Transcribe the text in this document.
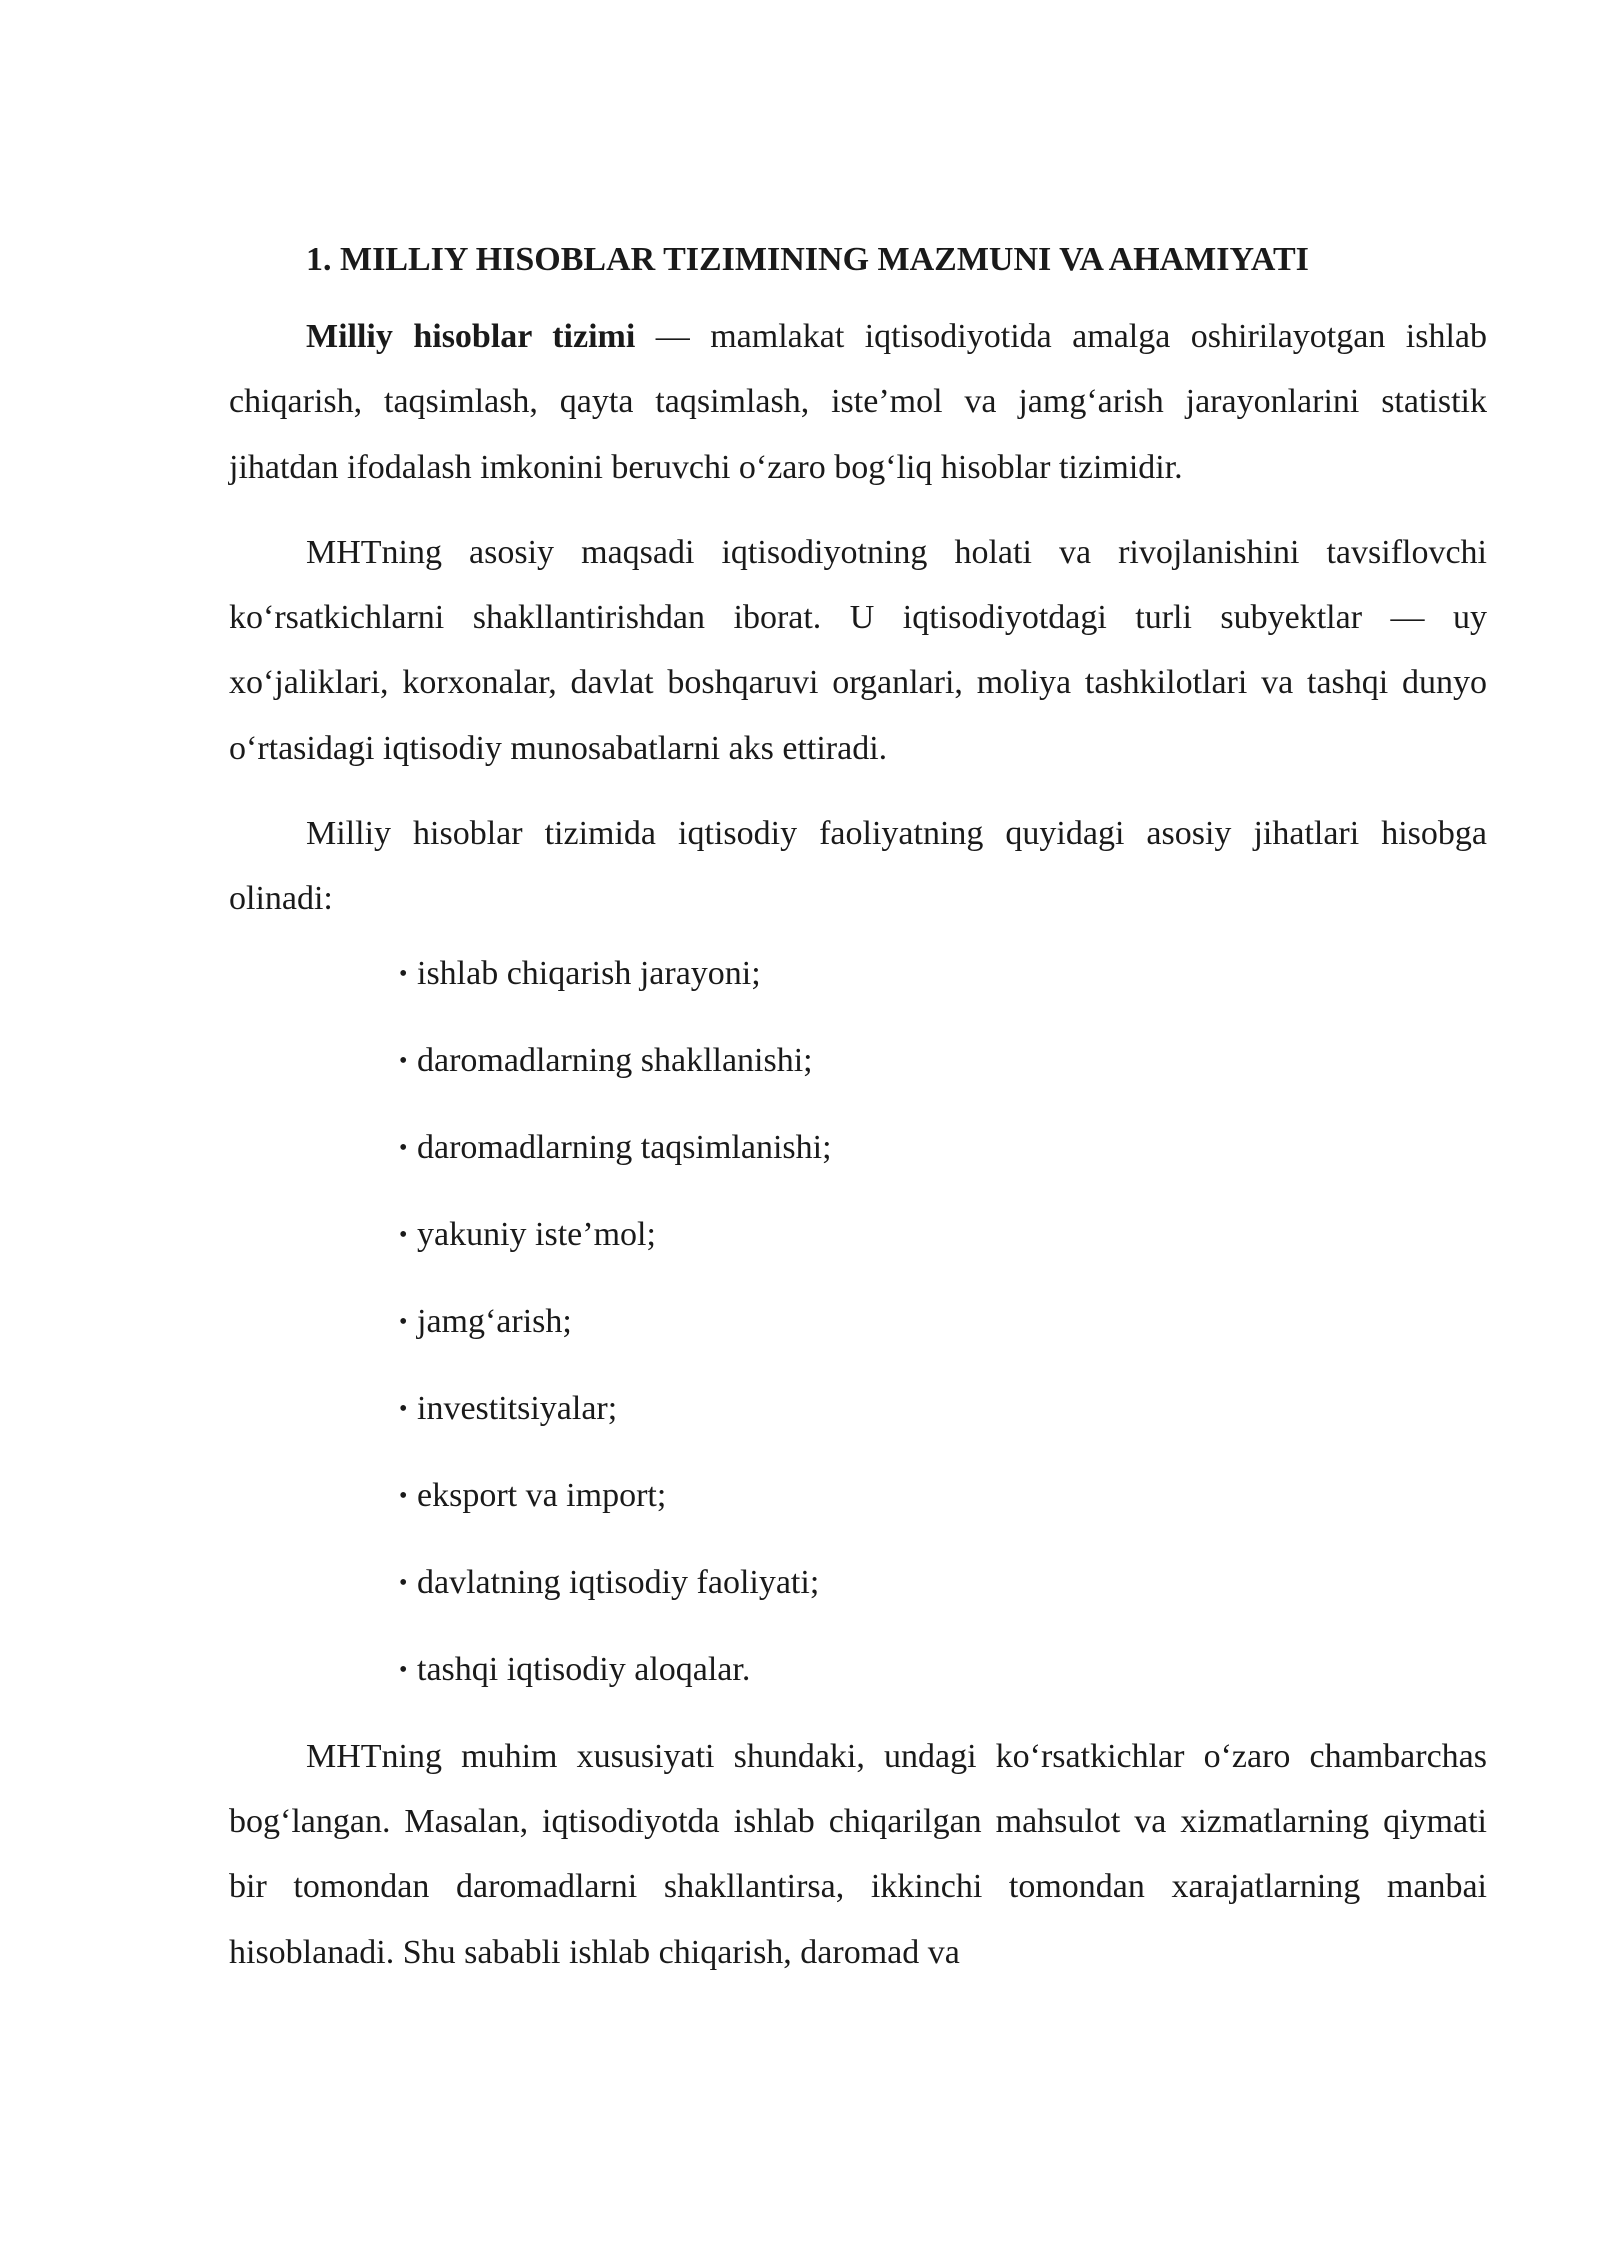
1. MILLIY HISOBLAR TIZIMINING MAZMUNI VA AHAMIYATI

Milliy hisoblar tizimi — mamlakat iqtisodiyotida amalga oshirilayotgan ishlab chiqarish, taqsimlash, qayta taqsimlash, iste’mol va jamg‘arish jarayonlarini statistik jihatdan ifodalash imkonini beruvchi o‘zaro bog‘liq hisoblar tizimidir.

MHTning asosiy maqsadi iqtisodiyotning holati va rivojlanishini tavsiflovchi ko‘rsatkichlarni shakllantirishdan iborat. U iqtisodiyotdagi turli subyektlar — uy xo‘jaliklari, korxonalar, davlat boshqaruvi organlari, moliya tashkilotlari va tashqi dunyo o‘rtasidagi iqtisodiy munosabatlarni aks ettiradi.

Milliy hisoblar tizimida iqtisodiy faoliyatning quyidagi asosiy jihatlari hisobga olinadi:

• ishlab chiqarish jarayoni;
• daromadlarning shakllanishi;
• daromadlarning taqsimlanishi;
• yakuniy iste’mol;
• jamg‘arish;
• investitsiyalar;
• eksport va import;
• davlatning iqtisodiy faoliyati;
• tashqi iqtisodiy aloqalar.

MHTning muhim xususiyati shundaki, undagi ko‘rsatkichlar o‘zaro chambarchas bog‘langan. Masalan, iqtisodiyotda ishlab chiqarilgan mahsulot va xizmatlarning qiymati bir tomondan daromadlarni shakllantirsa, ikkinchi tomondan xarajatlarning manbai hisoblanadi. Shu sababli ishlab chiqarish, daromad va
